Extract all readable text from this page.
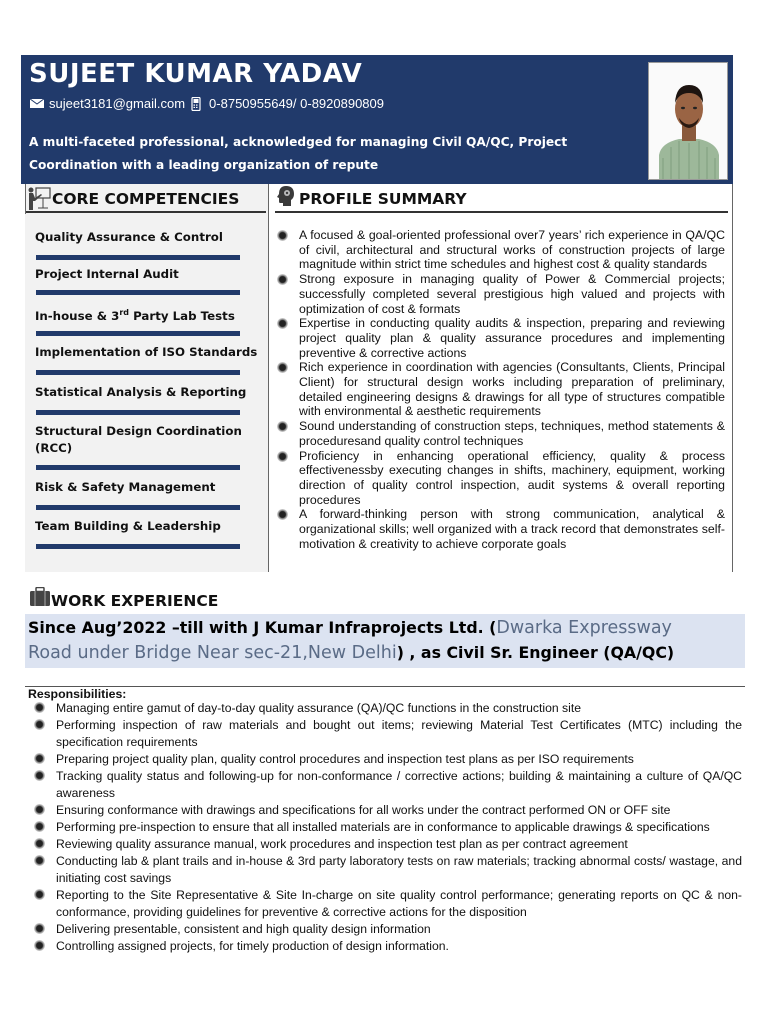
SUJEET KUMAR YADAV
sujeet3181@gmail.com 0-8750955649/ 0-8920890809
A multi-faceted professional, acknowledged for managing Civil QA/QC, Project Coordination with a leading organization of repute
CORE COMPETENCIES
Quality Assurance & Control
Project Internal Audit
In-house & 3rd Party Lab Tests
Implementation of ISO Standards
Statistical Analysis & Reporting
Structural Design Coordination (RCC)
Risk & Safety Management
Team Building & Leadership
PROFILE SUMMARY
A focused & goal-oriented professional over7 years’ rich experience in QA/QC of civil, architectural and structural works of construction projects of large magnitude within strict time schedules and highest cost & quality standards
Strong exposure in managing quality of Power & Commercial projects; successfully completed several prestigious high valued and projects with optimization of cost & formats
Expertise in conducting quality audits & inspection, preparing and reviewing project quality plan & quality assurance procedures and implementing preventive & corrective actions
Rich experience in coordination with agencies (Consultants, Clients, Principal Client) for structural design works including preparation of preliminary, detailed engineering designs & drawings for all type of structures compatible with environmental & aesthetic requirements
Sound understanding of construction steps, techniques, method statements & proceduresand quality control techniques
Proficiency in enhancing operational efficiency, quality & process effectivenessby executing changes in shifts, machinery, equipment, working direction of quality control inspection, audit systems & overall reporting procedures
A forward-thinking person with strong communication, analytical & organizational skills; well organized with a track record that demonstrates self-motivation & creativity to achieve corporate goals
WORK EXPERIENCE
Since Aug’2022 –till with J Kumar Infraprojects Ltd. (Dwarka Expressway
Road under Bridge Near sec-21,New Delhi) , as Civil Sr. Engineer (QA/QC)
Responsibilities:
Managing entire gamut of day-to-day quality assurance (QA)/QC functions in the construction site
Performing inspection of raw materials and bought out items; reviewing Material Test Certificates (MTC) including the specification requirements
Preparing project quality plan, quality control procedures and inspection test plans as per ISO requirements
Tracking quality status and following-up for non-conformance / corrective actions; building & maintaining a culture of QA/QC awareness
Ensuring conformance with drawings and specifications for all works under the contract performed ON or OFF site
Performing pre-inspection to ensure that all installed materials are in conformance to applicable drawings & specifications
Reviewing quality assurance manual, work procedures and inspection test plan as per contract agreement
Conducting lab & plant trails and in-house & 3rd party laboratory tests on raw materials; tracking abnormal costs/ wastage, and initiating cost savings
Reporting to the Site Representative & Site In-charge on site quality control performance; generating reports on QC & non-conformance, providing guidelines for preventive & corrective actions for the disposition
Delivering presentable, consistent and high quality design information
Controlling assigned projects, for timely production of design information.
